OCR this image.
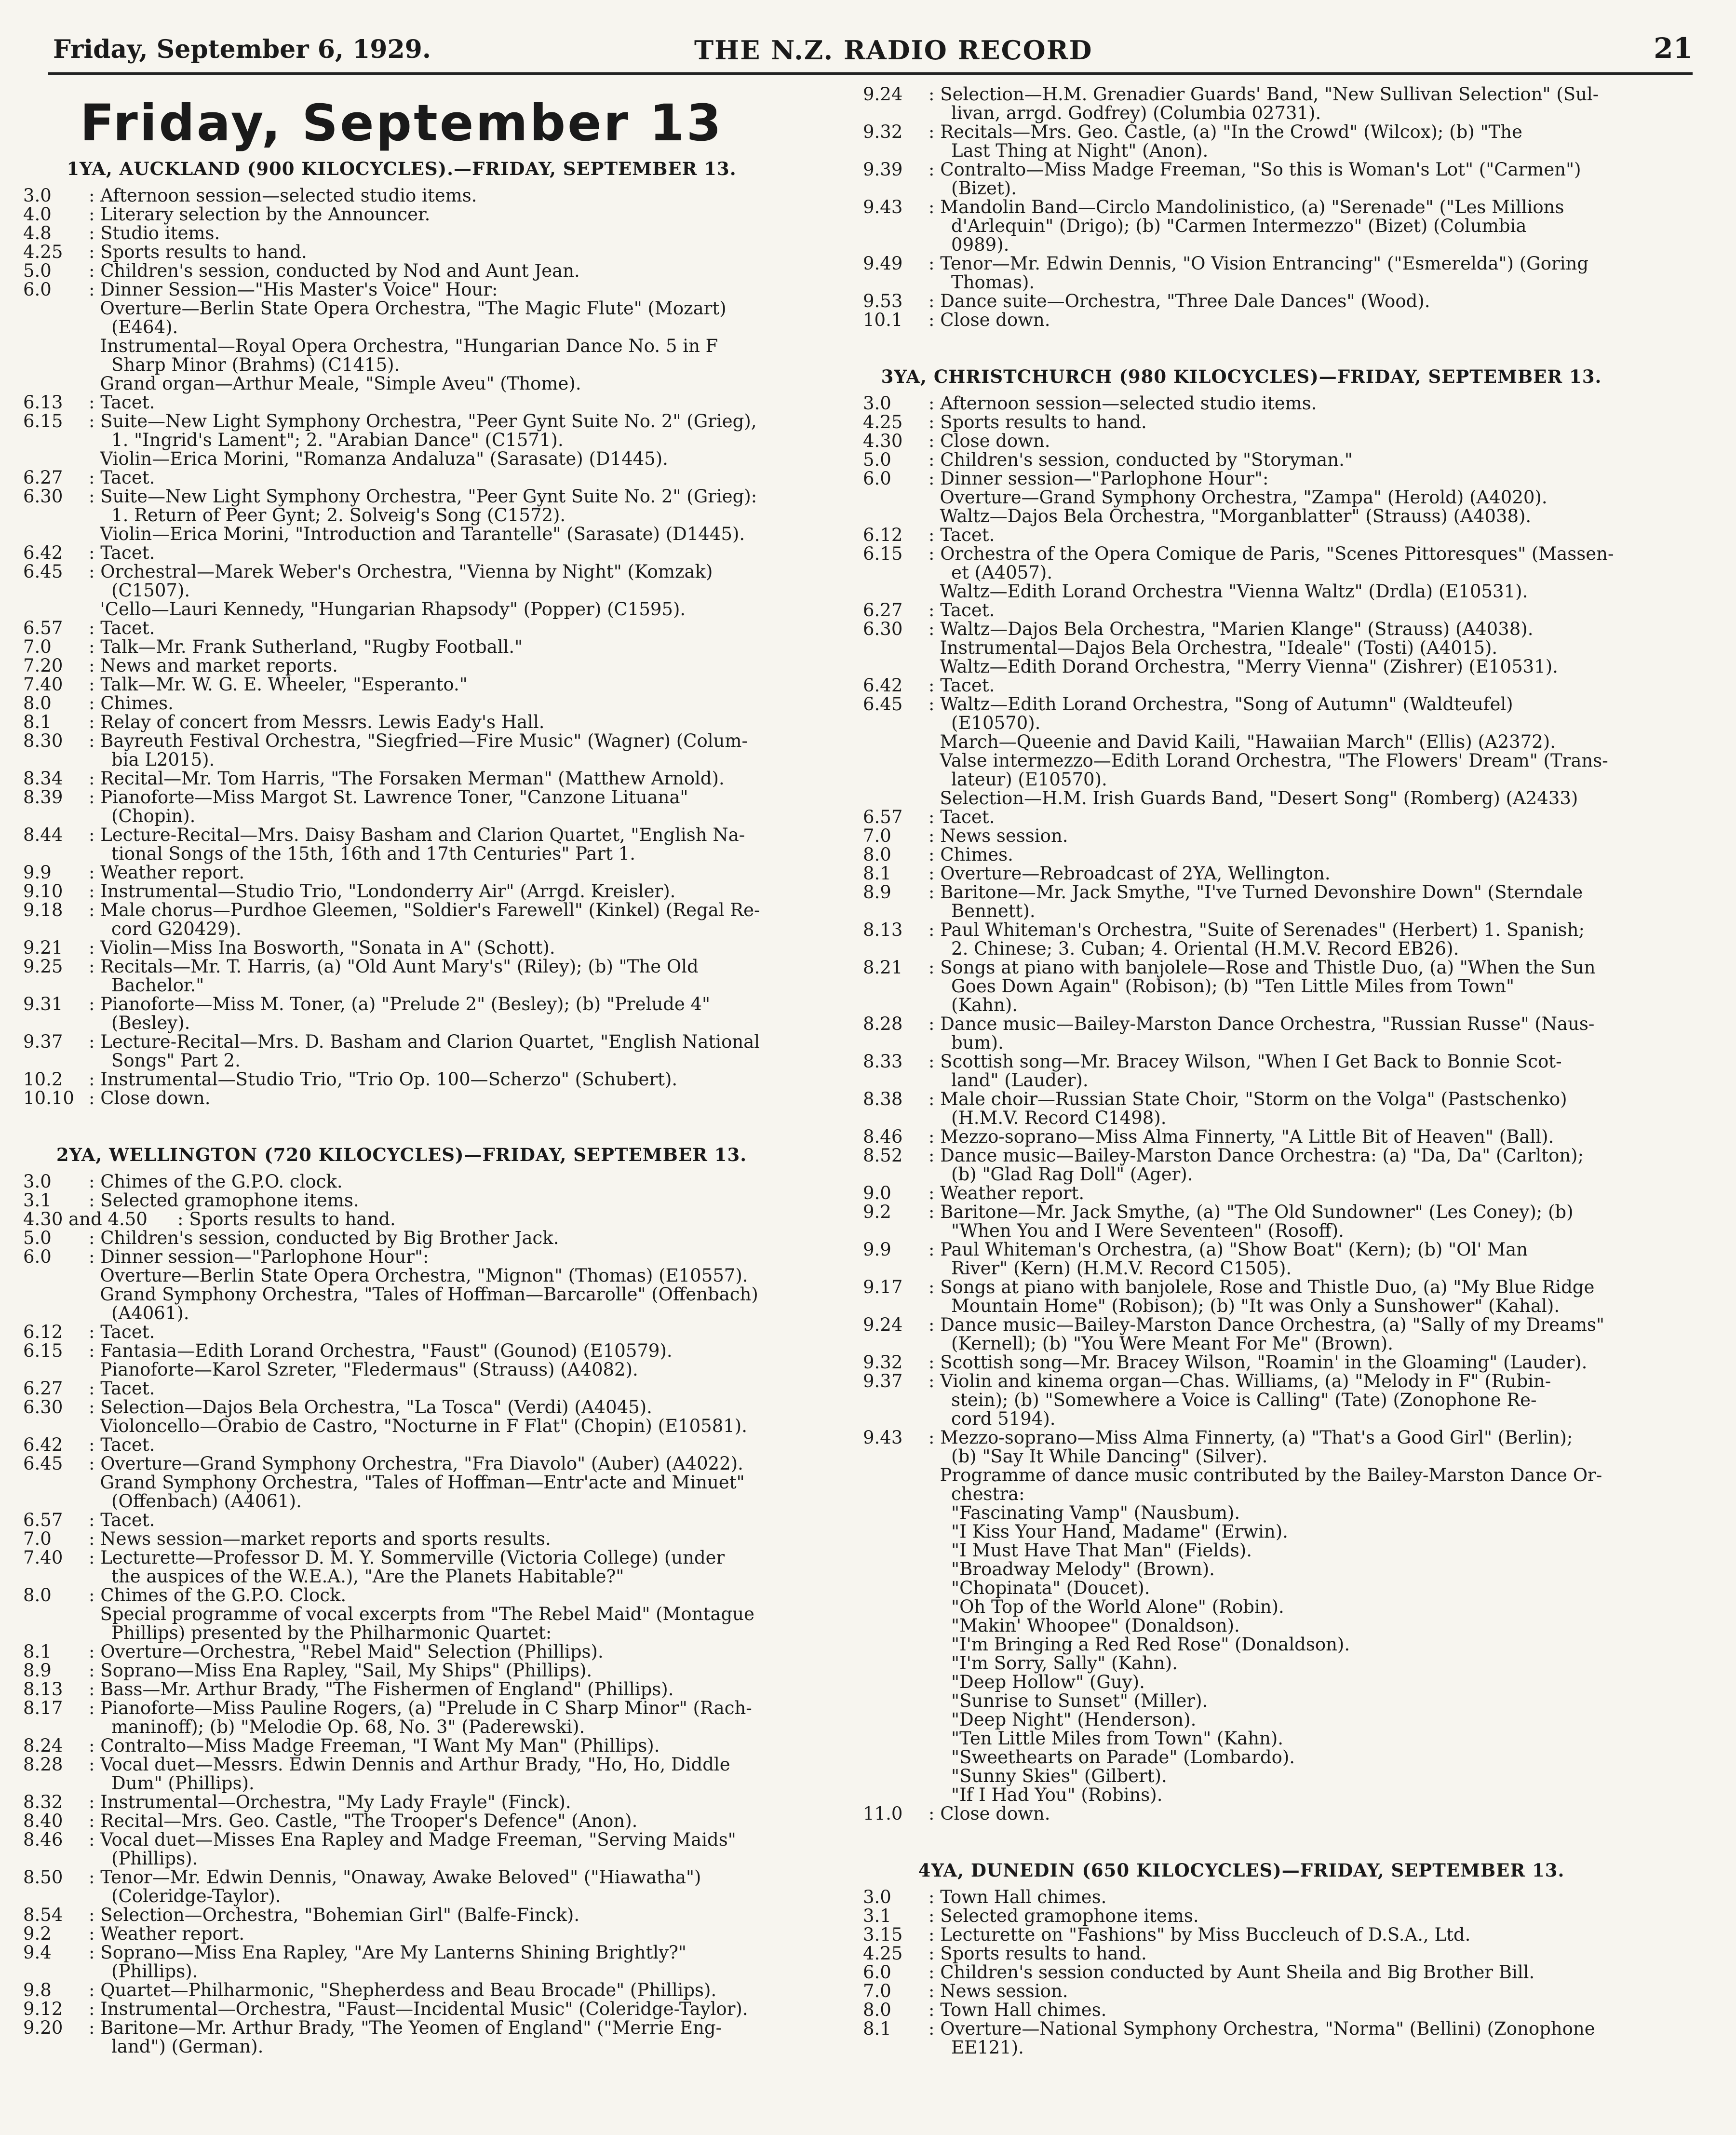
Friday, September 6, 1929.	THE N.Z. RADIO RECORD	21
Friday, September 13
1YA, AUCKLAND (900 KILOCYCLES).—FRIDAY, SEPTEMBER 13.
3.0	: Afternoon session—selected studio items.
4.0	: Literary selection by the Announcer.
4.8	: Studio items.
4.25	: Sports results to hand.
5.0	: Children's session, conducted by Nod and Aunt Jean.
6.0	: Dinner Session—"His Master's Voice" Hour:
Overture—Berlin State Opera Orchestra, "The Magic Flute" (Mozart)
(E464).
Instrumental—Royal Opera Orchestra, "Hungarian Dance No. 5 in F
Sharp Minor (Brahms) (C1415).
Grand organ—Arthur Meale, "Simple Aveu" (Thome).
6.13	: Tacet.
6.15	: Suite—New Light Symphony Orchestra, "Peer Gynt Suite No. 2" (Grieg),
1. "Ingrid's Lament"; 2. "Arabian Dance" (C1571).
Violin—Erica Morini, "Romanza Andaluza" (Sarasate) (D1445).
6.27	: Tacet.
6.30	: Suite—New Light Symphony Orchestra, "Peer Gynt Suite No. 2" (Grieg):
1. Return of Peer Gynt; 2. Solveig's Song (C1572).
Violin—Erica Morini, "Introduction and Tarantelle" (Sarasate) (D1445).
6.42	: Tacet.
6.45	: Orchestral—Marek Weber's Orchestra, "Vienna by Night" (Komzak)
(C1507).
'Cello—Lauri Kennedy, "Hungarian Rhapsody" (Popper) (C1595).
6.57	: Tacet.
7.0	: Talk—Mr. Frank Sutherland, "Rugby Football."
7.20	: News and market reports.
7.40	: Talk—Mr. W. G. E. Wheeler, "Esperanto."
8.0	: Chimes.
8.1	: Relay of concert from Messrs. Lewis Eady's Hall.
8.30	: Bayreuth Festival Orchestra, "Siegfried—Fire Music" (Wagner) (Colum-
bia L2015).
8.34	: Recital—Mr. Tom Harris, "The Forsaken Merman" (Matthew Arnold).
8.39	: Pianoforte—Miss Margot St. Lawrence Toner, "Canzone Lituana"
(Chopin).
8.44	: Lecture-Recital—Mrs. Daisy Basham and Clarion Quartet, "English Na-
tional Songs of the 15th, 16th and 17th Centuries" Part 1.
9.9	: Weather report.
9.10	: Instrumental—Studio Trio, "Londonderry Air" (Arrgd. Kreisler).
9.18	: Male chorus—Purdhoe Gleemen, "Soldier's Farewell" (Kinkel) (Regal Re-
cord G20429).
9.21	: Violin—Miss Ina Bosworth, "Sonata in A" (Schott).
9.25	: Recitals—Mr. T. Harris, (a) "Old Aunt Mary's" (Riley); (b) "The Old
Bachelor."
9.31	: Pianoforte—Miss M. Toner, (a) "Prelude 2" (Besley); (b) "Prelude 4"
(Besley).
9.37	: Lecture-Recital—Mrs. D. Basham and Clarion Quartet, "English National
Songs" Part 2.
10.2	: Instrumental—Studio Trio, "Trio Op. 100—Scherzo" (Schubert).
10.10 : Close down.
2YA, WELLINGTON (720 KILOCYCLES)—FRIDAY, SEPTEMBER 13.
3.0	: Chimes of the G.P.O. clock.
3.1	: Selected gramophone items.
4.30 and 4.50	: Sports results to hand.
5.0	: Children's session, conducted by Big Brother Jack.
6.0	: Dinner session—"Parlophone Hour":
Overture—Berlin State Opera Orchestra, "Mignon" (Thomas) (E10557).
Grand Symphony Orchestra, "Tales of Hoffman—Barcarolle" (Offenbach)
(A4061).
6.12	: Tacet.
6.15	: Fantasia—Edith Lorand Orchestra, "Faust" (Gounod) (E10579).
Pianoforte—Karol Szreter, "Fledermaus" (Strauss) (A4082).
6.27	: Tacet.
6.30	: Selection—Dajos Bela Orchestra, "La Tosca" (Verdi) (A4045).
Violoncello—Orabio de Castro, "Nocturne in F Flat" (Chopin) (E10581).
6.42	: Tacet.
6.45	: Overture—Grand Symphony Orchestra, "Fra Diavolo" (Auber) (A4022).
Grand Symphony Orchestra, "Tales of Hoffman—Entr'acte and Minuet"
(Offenbach) (A4061).
6.57	: Tacet.
7.0	: News session—market reports and sports results.
7.40	: Lecturette—Professor D. M. Y. Sommerville (Victoria College) (under
the auspices of the W.E.A.), "Are the Planets Habitable?"
8.0	: Chimes of the G.P.O. Clock.
Special programme of vocal excerpts from "The Rebel Maid" (Montague
Phillips) presented by the Philharmonic Quartet:
8.1	: Overture—Orchestra, "Rebel Maid" Selection (Phillips).
8.9	: Soprano—Miss Ena Rapley, "Sail, My Ships" (Phillips).
8.13	: Bass—Mr. Arthur Brady, "The Fishermen of England" (Phillips).
8.17	: Pianoforte—Miss Pauline Rogers, (a) "Prelude in C Sharp Minor" (Rach-
maninoff); (b) "Melodie Op. 68, No. 3" (Paderewski).
8.24	: Contralto—Miss Madge Freeman, "I Want My Man" (Phillips).
8.28	: Vocal duet—Messrs. Edwin Dennis and Arthur Brady, "Ho, Ho, Diddle
Dum" (Phillips).
8.32	: Instrumental—Orchestra, "My Lady Frayle" (Finck).
8.40	: Recital—Mrs. Geo. Castle, "The Trooper's Defence" (Anon).
8.46	: Vocal duet—Misses Ena Rapley and Madge Freeman, "Serving Maids"
(Phillips).
8.50	: Tenor—Mr. Edwin Dennis, "Onaway, Awake Beloved" ("Hiawatha")
(Coleridge-Taylor).
8.54	: Selection—Orchestra, "Bohemian Girl" (Balfe-Finck).
9.2	: Weather report.
9.4	: Soprano—Miss Ena Rapley, "Are My Lanterns Shining Brightly?"
(Phillips).
9.8	: Quartet—Philharmonic, "Shepherdess and Beau Brocade" (Phillips).
9.12	: Instrumental—Orchestra, "Faust—Incidental Music" (Coleridge-Taylor).
9.20	: Baritone—Mr. Arthur Brady, "The Yeomen of England" ("Merrie Eng-
land") (German).
9.24	: Selection—H.M. Grenadier Guards' Band, "New Sullivan Selection" (Sul-
livan, arrgd. Godfrey) (Columbia 02731).
9.32	: Recitals—Mrs. Geo. Castle, (a) "In the Crowd" (Wilcox); (b) "The
Last Thing at Night" (Anon).
9.39	: Contralto—Miss Madge Freeman, "So this is Woman's Lot" ("Carmen")
(Bizet).
9.43	: Mandolin Band—Circlo Mandolinistico, (a) "Serenade" ("Les Millions
d'Arlequin" (Drigo); (b) "Carmen Intermezzo" (Bizet) (Columbia
0989).
9.49	: Tenor—Mr. Edwin Dennis, "O Vision Entrancing" ("Esmerelda") (Goring
Thomas).
9.53	: Dance suite—Orchestra, "Three Dale Dances" (Wood).
10.1	: Close down.
3YA, CHRISTCHURCH (980 KILOCYCLES)—FRIDAY, SEPTEMBER 13.
3.0	: Afternoon session—selected studio items.
4.25	: Sports results to hand.
4.30	: Close down.
5.0	: Children's session, conducted by "Storyman."
6.0	: Dinner session—"Parlophone Hour":
Overture—Grand Symphony Orchestra, "Zampa" (Herold) (A4020).
Waltz—Dajos Bela Orchestra, "Morganblatter" (Strauss) (A4038).
6.12	: Tacet.
6.15	: Orchestra of the Opera Comique de Paris, "Scenes Pittoresques" (Massen-
et (A4057).
Waltz—Edith Lorand Orchestra "Vienna Waltz" (Drdla) (E10531).
6.27	: Tacet.
6.30	: Waltz—Dajos Bela Orchestra, "Marien Klange" (Strauss) (A4038).
Instrumental—Dajos Bela Orchestra, "Ideale" (Tosti) (A4015).
Waltz—Edith Dorand Orchestra, "Merry Vienna" (Zishrer) (E10531).
6.42	: Tacet.
6.45	: Waltz—Edith Lorand Orchestra, "Song of Autumn" (Waldteufel)
(E10570).
March—Queenie and David Kaili, "Hawaiian March" (Ellis) (A2372).
Valse intermezzo—Edith Lorand Orchestra, "The Flowers' Dream" (Trans-
lateur) (E10570).
Selection—H.M. Irish Guards Band, "Desert Song" (Romberg) (A2433)
6.57	: Tacet.
7.0	: News session.
8.0	: Chimes.
8.1	: Overture—Rebroadcast of 2YA, Wellington.
8.9	: Baritone—Mr. Jack Smythe, "I've Turned Devonshire Down" (Sterndale
Bennett).
8.13	: Paul Whiteman's Orchestra, "Suite of Serenades" (Herbert) 1. Spanish;
2. Chinese; 3. Cuban; 4. Oriental (H.M.V. Record EB26).
8.21	: Songs at piano with banjolele—Rose and Thistle Duo, (a) "When the Sun
Goes Down Again" (Robison); (b) "Ten Little Miles from Town"
(Kahn).
8.28	: Dance music—Bailey-Marston Dance Orchestra, "Russian Russe" (Naus-
bum).
8.33	: Scottish song—Mr. Bracey Wilson, "When I Get Back to Bonnie Scot-
land" (Lauder).
8.38	: Male choir—Russian State Choir, "Storm on the Volga" (Pastschenko)
(H.M.V. Record C1498).
8.46	: Mezzo-soprano—Miss Alma Finnerty, "A Little Bit of Heaven" (Ball).
8.52	: Dance music—Bailey-Marston Dance Orchestra: (a) "Da, Da" (Carlton);
(b) "Glad Rag Doll" (Ager).
9.0	: Weather report.
9.2	: Baritone—Mr. Jack Smythe, (a) "The Old Sundowner" (Les Coney); (b)
"When You and I Were Seventeen" (Rosoff).
9.9	: Paul Whiteman's Orchestra, (a) "Show Boat" (Kern); (b) "Ol' Man
River" (Kern) (H.M.V. Record C1505).
9.17	: Songs at piano with banjolele, Rose and Thistle Duo, (a) "My Blue Ridge
Mountain Home" (Robison); (b) "It was Only a Sunshower" (Kahal).
9.24	: Dance music—Bailey-Marston Dance Orchestra, (a) "Sally of my Dreams"
(Kernell); (b) "You Were Meant For Me" (Brown).
9.32	: Scottish song—Mr. Bracey Wilson, "Roamin' in the Gloaming" (Lauder).
9.37	: Violin and kinema organ—Chas. Williams, (a) "Melody in F" (Rubin-
stein); (b) "Somewhere a Voice is Calling" (Tate) (Zonophone Re-
cord 5194).
9.43	: Mezzo-soprano—Miss Alma Finnerty, (a) "That's a Good Girl" (Berlin);
(b) "Say It While Dancing" (Silver).
Programme of dance music contributed by the Bailey-Marston Dance Or-
chestra:
"Fascinating Vamp" (Nausbum).
"I Kiss Your Hand, Madame" (Erwin).
"I Must Have That Man" (Fields).
"Broadway Melody" (Brown).
"Chopinata" (Doucet).
"Oh Top of the World Alone" (Robin).
"Makin' Whoopee" (Donaldson).
"I'm Bringing a Red Red Rose" (Donaldson).
"I'm Sorry, Sally" (Kahn).
"Deep Hollow" (Guy).
"Sunrise to Sunset" (Miller).
"Deep Night" (Henderson).
"Ten Little Miles from Town" (Kahn).
"Sweethearts on Parade" (Lombardo).
"Sunny Skies" (Gilbert).
"If I Had You" (Robins).
11.0	: Close down.
4YA, DUNEDIN (650 KILOCYCLES)—FRIDAY, SEPTEMBER 13.
3.0	: Town Hall chimes.
3.1	: Selected gramophone items.
3.15	: Lecturette on "Fashions" by Miss Buccleuch of D.S.A., Ltd.
4.25	: Sports results to hand.
6.0	: Children's session conducted by Aunt Sheila and Big Brother Bill.
7.0	: News session.
8.0	: Town Hall chimes.
8.1	: Overture—National Symphony Orchestra, "Norma" (Bellini) (Zonophone
EE121).
